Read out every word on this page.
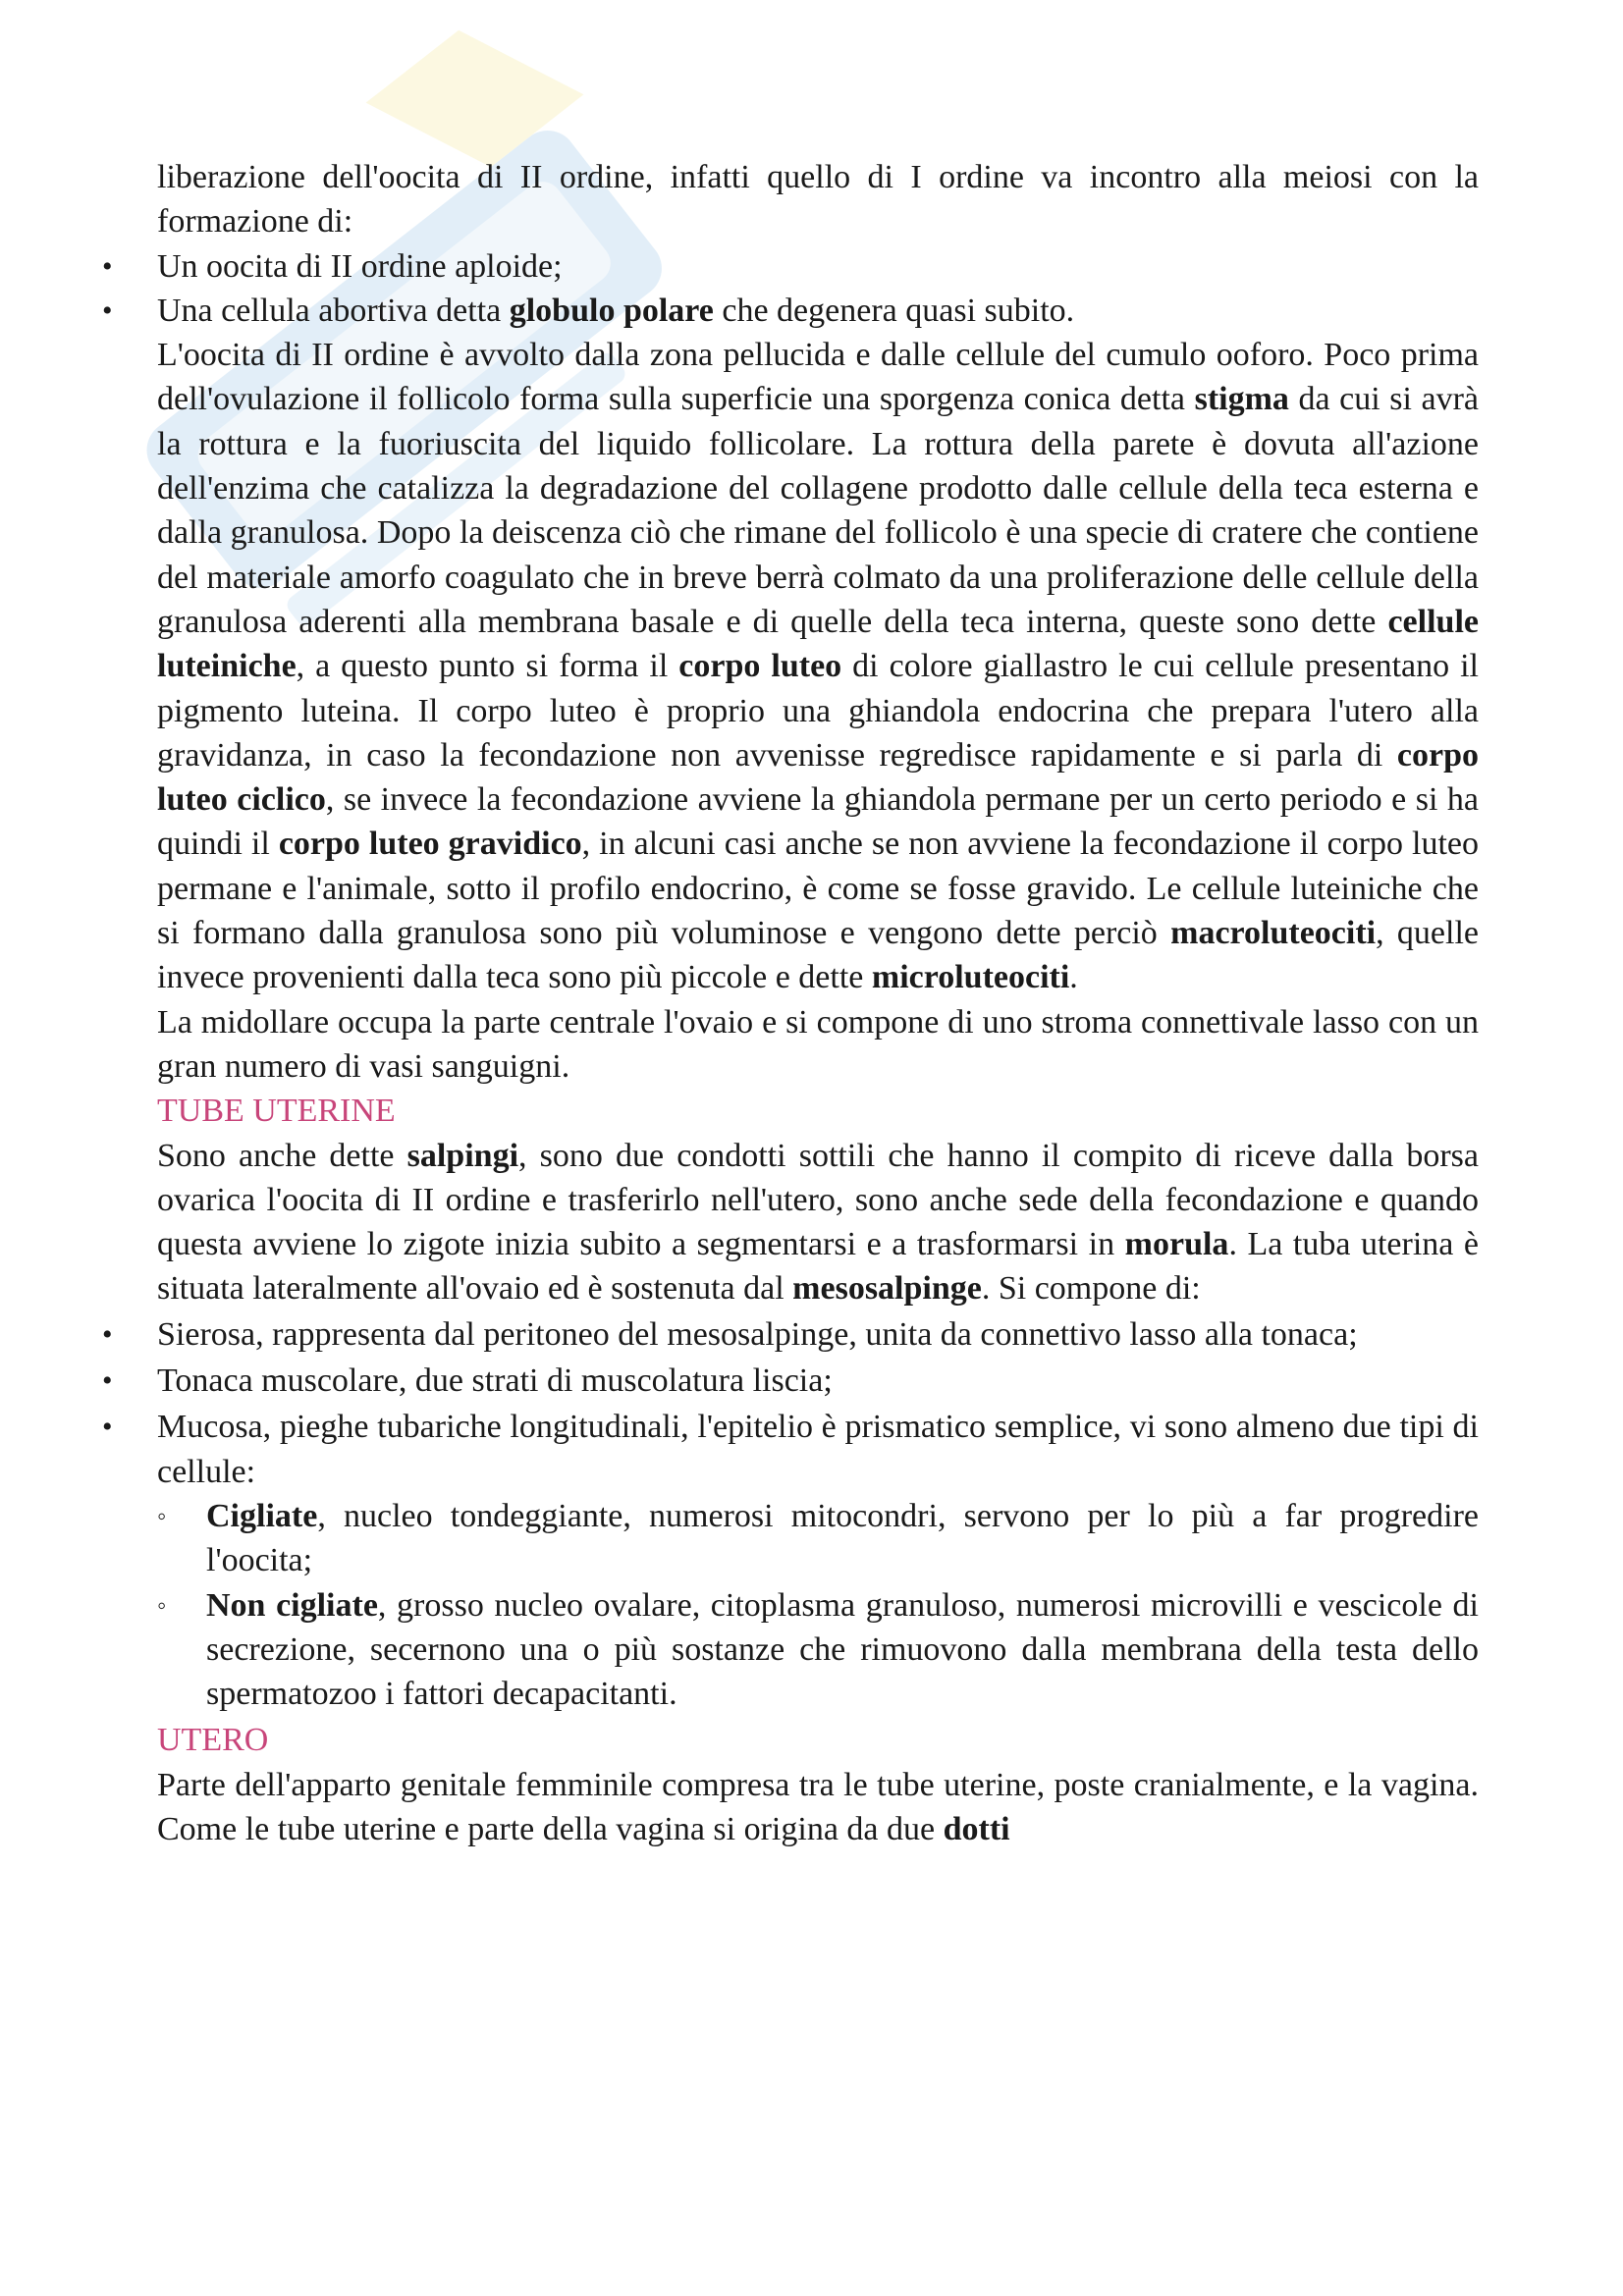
liberazione dell'oocita di II ordine, infatti quello di I ordine va incontro alla meiosi con la formazione di:

• Un oocita di II ordine aploide;
• Una cellula abortiva detta globulo polare che degenera quasi subito.

L'oocita di II ordine è avvolto dalla zona pellucida e dalle cellule del cumulo ooforo. Poco prima dell'ovulazione il follicolo forma sulla superficie una sporgenza conica detta stigma da cui si avrà la rottura e la fuoriuscita del liquido follicolare. La rottura della parete è dovuta all'azione dell'enzima che catalizza la degradazione del collagene prodotto dalle cellule della teca esterna e dalla granulosa. Dopo la deiscenza ciò che rimane del follicolo è una specie di cratere che contiene del materiale amorfo coagulato che in breve berrà colmato da una proliferazione delle cellule della granulosa aderenti alla membrana basale e di quelle della teca interna, queste sono dette cellule luteiniche, a questo punto si forma il corpo luteo di colore giallastro le cui cellule presentano il pigmento luteina. Il corpo luteo è proprio una ghiandola endocrina che prepara l'utero alla gravidanza, in caso la fecondazione non avvenisse regredisce rapidamente e si parla di corpo luteo ciclico, se invece la fecondazione avviene la ghiandola permane per un certo periodo e si ha quindi il corpo luteo gravidico, in alcuni casi anche se non avviene la fecondazione il corpo luteo permane e l'animale, sotto il profilo endocrino, è come se fosse gravido. Le cellule luteiniche che si formano dalla granulosa sono più voluminose e vengono dette perciò macroluteociti, quelle invece provenienti dalla teca sono più piccole e dette microluteociti.

La midollare occupa la parte centrale l'ovaio e si compone di uno stroma connettivale lasso con un gran numero di vasi sanguigni.

TUBE UTERINE

Sono anche dette salpingi, sono due condotti sottili che hanno il compito di riceve dalla borsa ovarica l'oocita di II ordine e trasferirlo nell'utero, sono anche sede della fecondazione e quando questa avviene lo zigote inizia subito a segmentarsi e a trasformarsi in morula. La tuba uterina è situata lateralmente all'ovaio ed è sostenuta dal mesosalpinge. Si compone di:

• Sierosa, rappresenta dal peritoneo del mesosalpinge, unita da connettivo lasso alla tonaca;
• Tonaca muscolare, due strati di muscolatura liscia;
• Mucosa, pieghe tubariche longitudinali, l'epitelio è prismatico semplice, vi sono almeno due tipi di cellule:
◦ Cigliate, nucleo tondeggiante, numerosi mitocondri, servono per lo più a far progredire l'oocita;
◦ Non cigliate, grosso nucleo ovalare, citoplasma granuloso, numerosi microvilli e vescicole di secrezione, secernono una o più sostanze che rimuovono dalla membrana della testa dello spermatozoo i fattori decapacitanti.
UTERO

Parte dell'apparto genitale femminile compresa tra le tube uterine, poste cranialmente, e la vagina. Come le tube uterine e parte della vagina si origina da due dotti
